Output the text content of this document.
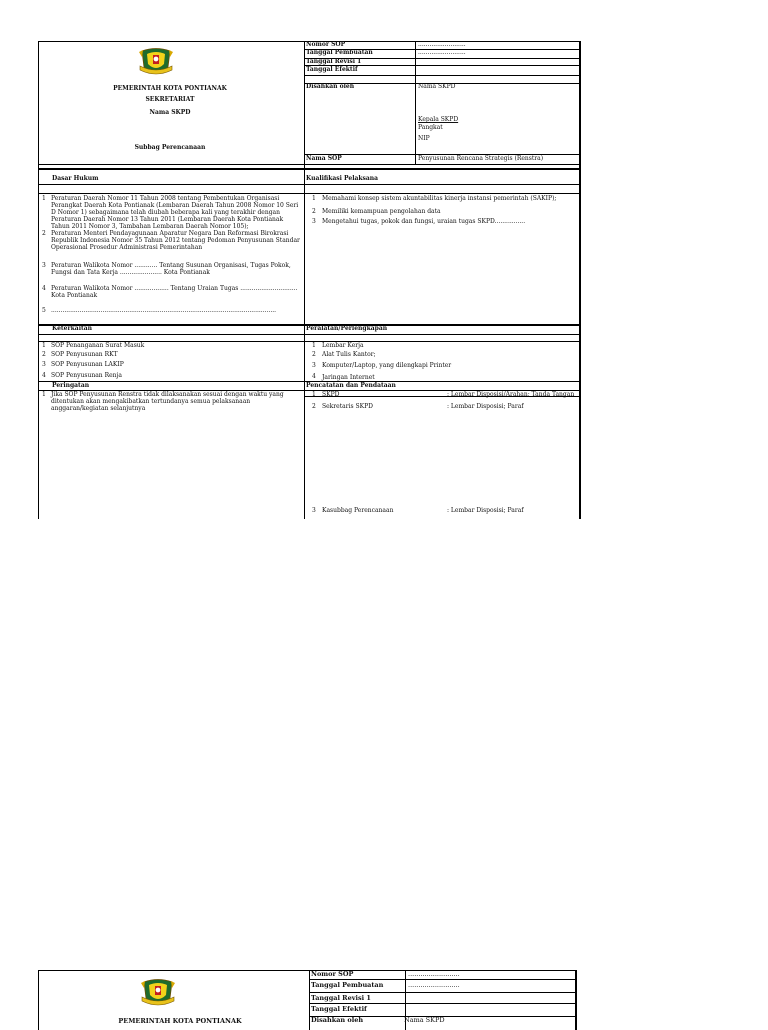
PEMERINTAH KOTA PONTIANAK
SEKRETARIAT
Nama SKPD
Subbag Perencanaan
Nomor SOP	.........................
Tanggal Pembuatan	.........................
Tanggal Revisi 1
Tanggal Efektif
Disahkan oleh	Nama SKPD
Kepala SKPD
Pangkat
NIP
Nama SOP	Penyusunan Rencana Strategis (Renstra)
Dasar Hukum
1 Peraturan Daerah Nomor 11 Tahun 2008 tentang Pembentukan Organisasi Perangkat Daerah Kota Pontianak (Lembaran Daerah Tahun 2008 Nomor 10 Seri D Nomor 1) sebagaimana telah diubah beberapa kali yang terakhir dengan Peraturan Daerah Nomor 13 Tahun 2011 (Lembaran Daerah Kota Pontianak Tahun 2011 Nomor 3, Tambahan Lembaran Daerah Nomor 105);
2 Peraturan Menteri Pendayagunaan Aparatur Negara Dan Reformasi Birokrasi Republik Indonesia Nomor 35 Tahun 2012 tentang Pedoman Penyusunan Standar Operasional Prosedur Administrasi Pemerintahan
3 Peraturan Walikota Nomor ............ Tentang Susunan Organisasi, Tugas Pokok, Fungsi dan Tata Kerja ...................... Kota Pontianak
4 Peraturan Walikota Nomor .................. Tentang Uraian Tugas .............................. Kota Pontianak
5 ......................................................................................................................
Kualifikasi Pelaksana
1 Memahami konsep sistem akuntabilitas kinerja instansi pemerintah (SAKIP);
2 Memiliki kemampuan pengolahan data
3 Mengetahui tugas, pokok dan fungsi, uraian tugas SKPD................
Keterkaitan
1 SOP Penanganan Surat Masuk
2 SOP Penyusunan RKT
3 SOP Penyusunan LAKIP
4 SOP Penyusunan Renja
Peralatan/Perlengkapan
1 Lembar Kerja
2 Alat Tulis Kantor;
3 Komputer/Laptop, yang dilengkapi Printer
4 Jaringan Internet
Peringatan
1 Jika SOP Penyusunan Renstra tidak dilaksanakan sesuai dengan waktu yang ditentukan akan mengakibatkan tertundanya semua pelaksanaan anggaran/kegiatan selanjutnya
Pencatatan dan Pendataan
1 SKPD	: Lembar Disposisi/Arahan; Tanda Tangan
2 Sekretaris SKPD	: Lembar Disposisi; Paraf
3 Kasubbag Perencanaan	: Lembar Disposisi; Paraf
PEMERINTAH KOTA PONTIANAK
Nomor SOP	.........................
Tanggal Pembuatan	.........................
Tanggal Revisi 1
Tanggal Efektif
Disahkan oleh	Nama SKPD
